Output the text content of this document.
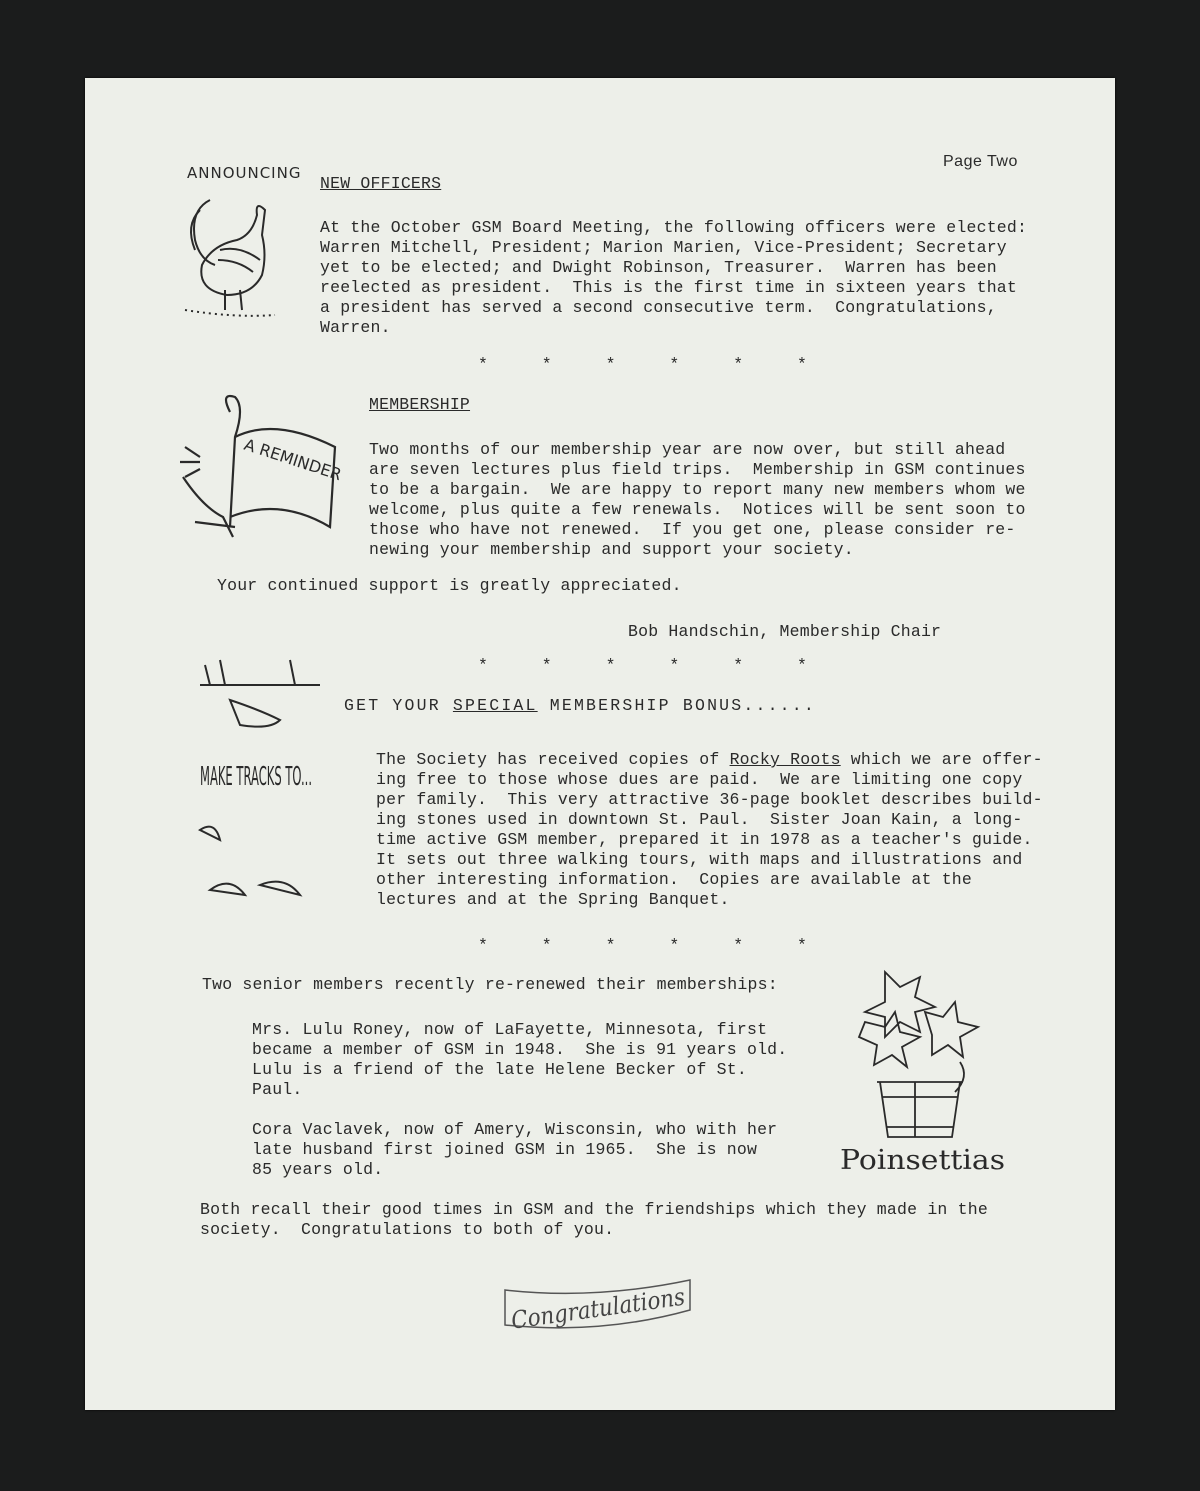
Page Two
ANNOUNCING
NEW OFFICERS
At the October GSM Board Meeting, the following officers were elected:
Warren Mitchell, President; Marion Marien, Vice-President; Secretary
yet to be elected; and Dwight Robinson, Treasurer.  Warren has been
reelected as president.  This is the first time in sixteen years that
a president has served a second consecutive term.  Congratulations,
Warren.
* * * * * *
A REMINDER
MEMBERSHIP
Two months of our membership year are now over, but still ahead
are seven lectures plus field trips.  Membership in GSM continues
to be a bargain.  We are happy to report many new members whom we
welcome, plus quite a few renewals.  Notices will be sent soon to
those who have not renewed.  If you get one, please consider re-
newing your membership and support your society.
Your continued support is greatly appreciated.
Bob Handschin, Membership Chair
* * * * * *
MAKE TRACKS TO...
GET YOUR SPECIAL MEMBERSHIP BONUS......
The Society has received copies of Rocky Roots which we are offer-
ing free to those whose dues are paid.  We are limiting one copy
per family.  This very attractive 36-page booklet describes build-
ing stones used in downtown St. Paul.  Sister Joan Kain, a long-
time active GSM member, prepared it in 1978 as a teacher's guide.
It sets out three walking tours, with maps and illustrations and
other interesting information.  Copies are available at the
lectures and at the Spring Banquet.
* * * * * *
Two senior members recently re-renewed their memberships:
Mrs. Lulu Roney, now of LaFayette, Minnesota, first
became a member of GSM in 1948.  She is 91 years old.
Lulu is a friend of the late Helene Becker of St.
Paul.
Cora Vaclavek, now of Amery, Wisconsin, who with her
late husband first joined GSM in 1965.  She is now
85 years old.
Both recall their good times in GSM and the friendships which they made in the
society.  Congratulations to both of you.
Poinsettias
Congratulations
